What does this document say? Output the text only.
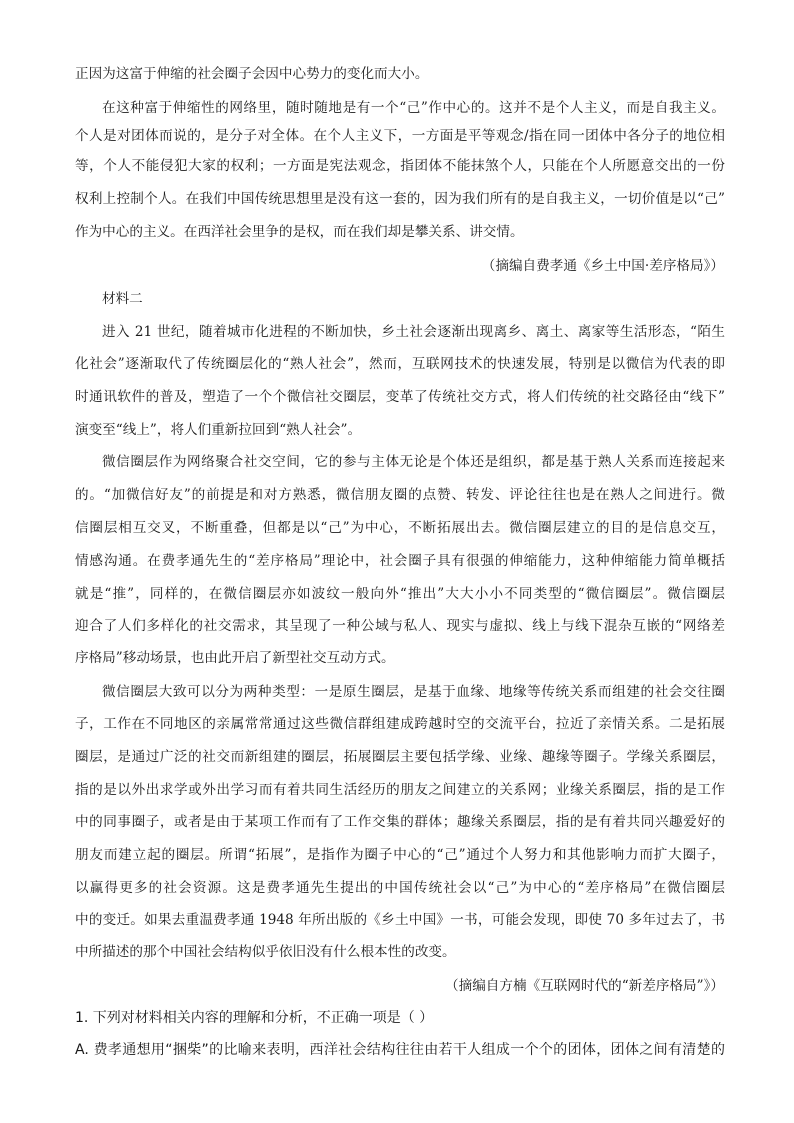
正因为这富于伸缩的社会圈子会因中心势力的变化而大小。
在这种富于伸缩性的网络里，随时随地是有一个“己”作中心的。这并不是个人主义，而是自我主义。
个人是对团体而说的，是分子对全体。在个人主义下，一方面是平等观念/指在同一团体中各分子的地位相
等，个人不能侵犯大家的权利；一方面是宪法观念，指团体不能抹煞个人，只能在个人所愿意交出的一份
权利上控制个人。在我们中国传统思想里是没有这一套的，因为我们所有的是自我主义，一切价值是以“己”
作为中心的主义。在西洋社会里争的是权，而在我们却是攀关系、讲交情。
（摘编自费孝通《乡土中国·差序格局》）
材料二
进入 21 世纪，随着城市化进程的不断加快，乡土社会逐渐出现离乡、离土、离家等生活形态，“陌生
化社会”逐渐取代了传统圈层化的“熟人社会”，然而，互联网技术的快速发展，特别是以微信为代表的即
时通讯软件的普及，塑造了一个个微信社交圈层，变革了传统社交方式，将人们传统的社交路径由“线下”
演变至“线上”，将人们重新拉回到“熟人社会”。
微信圈层作为网络聚合社交空间，它的参与主体无论是个体还是组织，都是基于熟人关系而连接起来
的。“加微信好友”的前提是和对方熟悉，微信朋友圈的点赞、转发、评论往往也是在熟人之间进行。微
信圈层相互交叉，不断重叠，但都是以“己”为中心，不断拓展出去。微信圈层建立的目的是信息交互，
情感沟通。在费孝通先生的“差序格局”理论中，社会圈子具有很强的伸缩能力，这种伸缩能力简单概括
就是“推”，同样的，在微信圈层亦如波纹一般向外“推出”大大小小不同类型的“微信圈层”。微信圈层
迎合了人们多样化的社交需求，其呈现了一种公域与私人、现实与虚拟、线上与线下混杂互嵌的“网络差
序格局”移动场景，也由此开启了新型社交互动方式。
微信圈层大致可以分为两种类型：一是原生圈层，是基于血缘、地缘等传统关系而组建的社会交往圈
子，工作在不同地区的亲属常常通过这些微信群组建成跨越时空的交流平台，拉近了亲情关系。二是拓展
圈层，是通过广泛的社交而新组建的圈层，拓展圈层主要包括学缘、业缘、趣缘等圈子。学缘关系圈层，
指的是以外出求学或外出学习而有着共同生活经历的朋友之间建立的关系网；业缘关系圈层，指的是工作
中的同事圈子，或者是由于某项工作而有了工作交集的群体；趣缘关系圈层，指的是有着共同兴趣爱好的
朋友而建立起的圈层。所谓“拓展”，是指作为圈子中心的“己”通过个人努力和其他影响力而扩大圈子，
以赢得更多的社会资源。这是费孝通先生提出的中国传统社会以“己”为中心的“差序格局”在微信圈层
中的变迁。如果去重温费孝通 1948 年所出版的《乡土中国》一书，可能会发现，即使 70 多年过去了，书
中所描述的那个中国社会结构似乎依旧没有什么根本性的改变。
（摘编自方楠《互联网时代的“新差序格局”》）
1. 下列对材料相关内容的理解和分析，不正确一项是（ ）
A. 费孝通想用“捆柴”的比喻来表明，西洋社会结构往往由若干人组成一个个的团体，团体之间有清楚的
